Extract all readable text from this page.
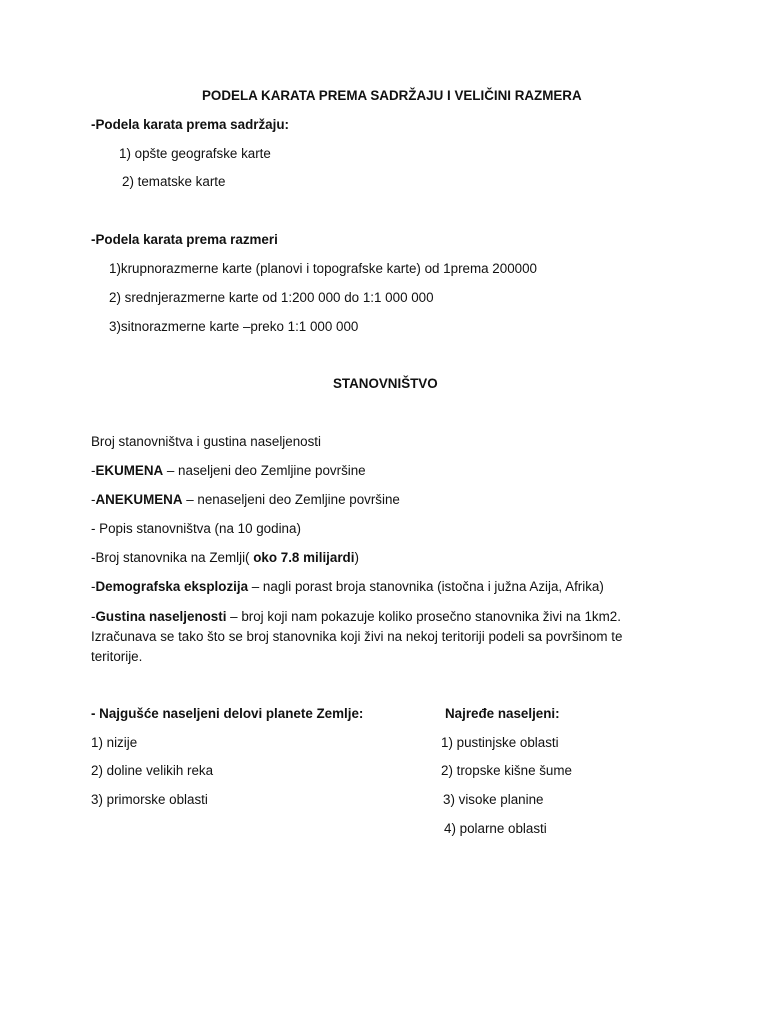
PODELA KARATA PREMA SADRŽAJU I VELIČINI RAZMERA
-Podela karata prema sadržaju:
1) opšte geografske karte
2) tematske karte
-Podela karata prema razmeri
1)krupnorazmerne karte (planovi i topografske karte) od 1prema 200000
2) srednjerazmerne karte od 1:200 000 do 1:1 000 000
3)sitnorazmerne karte –preko 1:1 000 000
STANOVNIŠTVO
Broj stanovništva i gustina naseljenosti
-EKUMENA – naseljeni deo Zemljine površine
-ANEKUMENA – nenaseljeni deo Zemljine površine
- Popis stanovništva (na 10 godina)
-Broj stanovnika na Zemlji( oko 7.8 milijardi)
-Demografska eksplozija – nagli porast broja stanovnika (istočna i južna Azija, Afrika)
-Gustina naseljenosti – broj koji nam pokazuje koliko prosečno stanovnika živi na 1km2. Izračunava se tako što se broj stanovnika koji živi na nekoj teritoriji podeli sa površinom te teritorije.
- Najgušće naseljeni delovi planete Zemlje:	Najređe naseljeni:
1) nizije
2) doline velikih reka
3) primorske oblasti
1) pustinjske oblasti
2) tropske kišne šume
3) visoke planine
4) polarne oblasti
